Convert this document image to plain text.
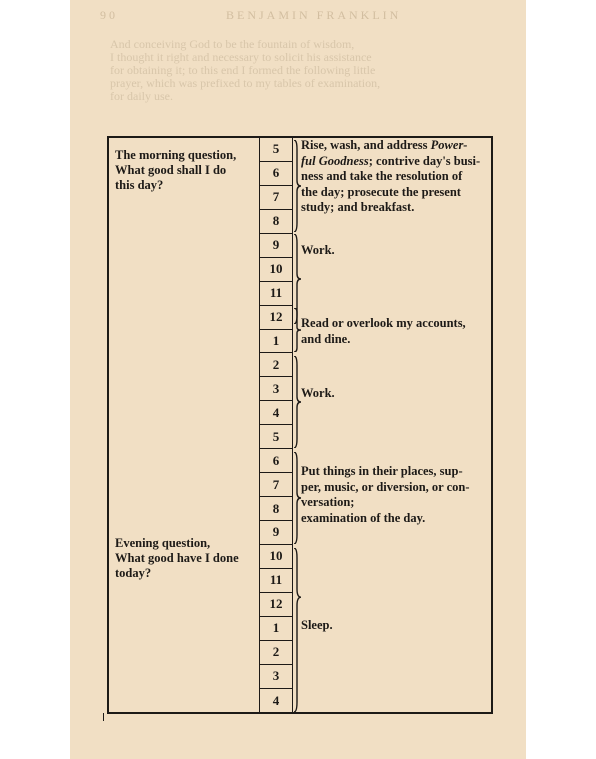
90	BENJAMIN FRANKLIN
And conceiving God to be the fountain of wisdom,
I thought it right and necessary to solicit his assistance
for obtaining it; to this end I formed the following little
prayer, which was prefixed to my tables of examination,
for daily use.
The morning question,
What good shall I do
this day?
Evening question,
What good have I done
today?
5
6
7
8
9
10
11
12
1
2
3
4
5
6
7
8
9
10
11
12
1
2
3
4
Rise, wash, and address Power-
ful Goodness; contrive day's busi-
ness and take the resolution of
the day; prosecute the present
study; and breakfast.
Work.
Read or overlook my accounts,
and dine.
Work.
Put things in their places, sup-
per, music, or diversion, or con-
versation;
examination of the day.
Sleep.
